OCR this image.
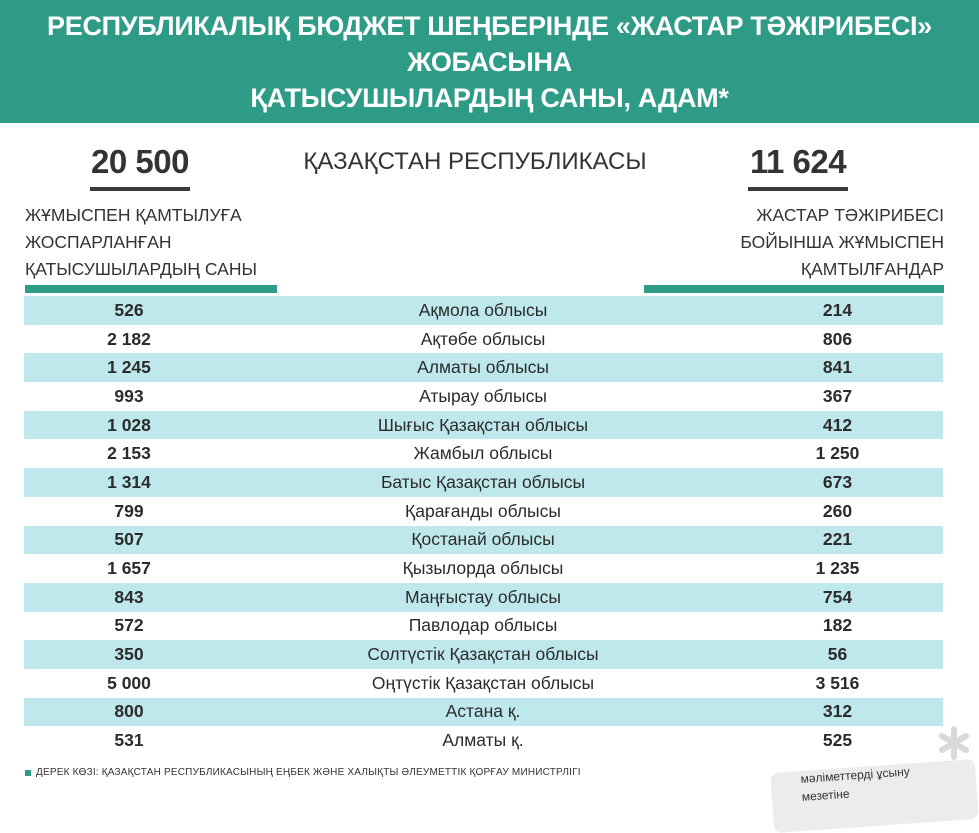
РЕСПУБЛИКАЛЫҚ БЮДЖЕТ ШЕҢБЕРІНДЕ «ЖАСТАР ТӘЖІРИБЕСІ» ЖОБАСЫНА
ҚАТЫСУШЫЛАРДЫҢ САНЫ, АДАМ*
20 500	ҚАЗАҚСТАН РЕСПУБЛИКАСЫ	11 624
ЖҰМЫСПЕН ҚАМТЫЛУҒА
ЖОСПАРЛАНҒАН
ҚАТЫСУШЫЛАРДЫҢ САНЫ
ЖАСТАР ТӘЖІРИБЕСІ
БОЙЫНША ЖҰМЫСПЕН
ҚАМТЫЛҒАНДАР
526	Ақмола облысы	214
2 182	Ақтөбе облысы	806
1 245	Алматы облысы	841
993	Атырау облысы	367
1 028	Шығыс Қазақстан облысы	412
2 153	Жамбыл облысы	1 250
1 314	Батыс Қазақстан облысы	673
799	Қарағанды облысы	260
507	Қостанай облысы	221
1 657	Қызылорда облысы	1 235
843	Маңғыстау облысы	754
572	Павлодар облысы	182
350	Солтүстік Қазақстан облысы	56
5 000	Оңтүстік Қазақстан облысы	3 516
800	Астана қ.	312
531	Алматы қ.	525
ДЕРЕК КӨЗІ: ҚАЗАҚСТАН РЕСПУБЛИКАСЫНЫҢ ЕҢБЕК ЖӘНЕ ХАЛЫҚТЫ ӘЛЕУМЕТТІК ҚОРҒАУ МИНИСТРЛІГІ	мәліметтерді ұсыну
мезетіне
